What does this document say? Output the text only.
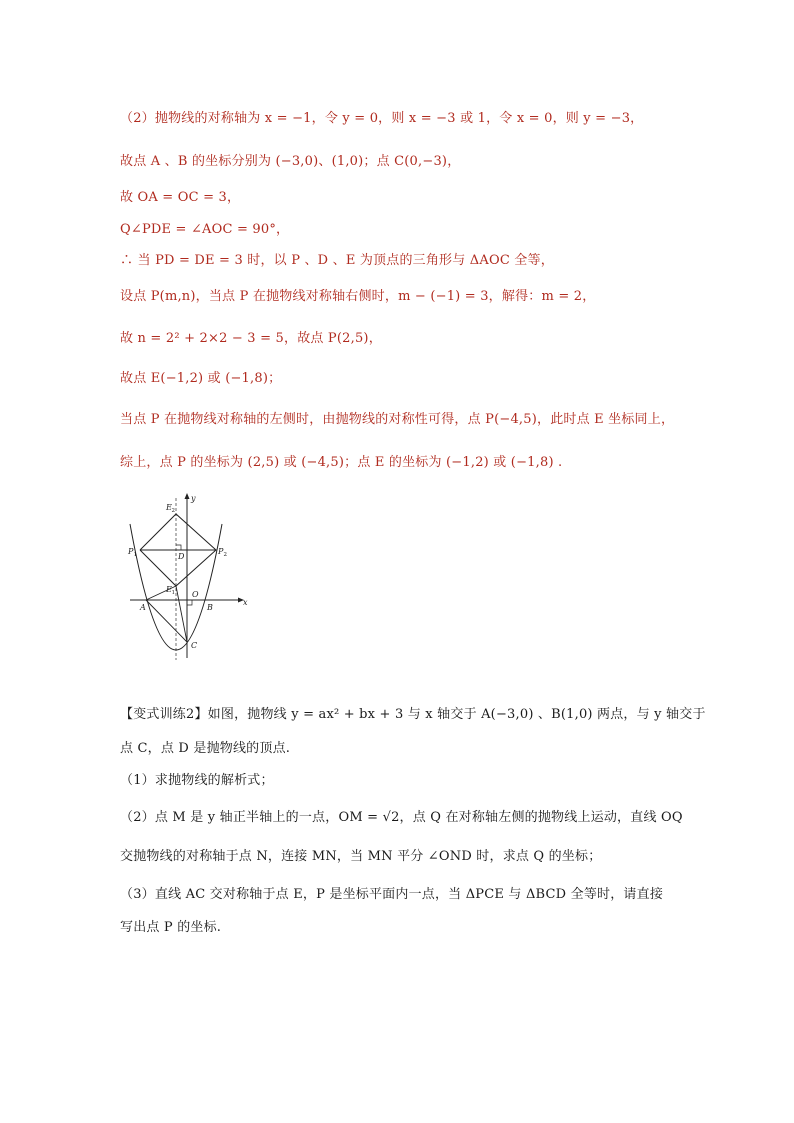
（2）抛物线的对称轴为 x = −1，令 y = 0，则 x = −3 或 1，令 x = 0，则 y = −3，
故点 A 、B 的坐标分别为 (−3,0)、(1,0)；点 C(0,−3)，
故 OA = OC = 3，
Q∠PDE = ∠AOC = 90°，
∴ 当 PD = DE = 3 时，以 P 、D 、E 为顶点的三角形与 ΔAOC 全等，
设点 P(m,n)，当点 P 在抛物线对称轴右侧时，m − (−1) = 3，解得：m = 2，
故 n = 2² + 2×2 − 3 = 5，故点 P(2,5)，
故点 E(−1,2) 或 (−1,8)；
当点 P 在抛物线对称轴的左侧时，由抛物线的对称性可得，点 P(−4,5)，此时点 E 坐标同上，
综上，点 P 的坐标为 (2,5) 或 (−4,5)；点 E 的坐标为 (−1,2) 或 (−1,8) .
y
x
O
A	B
C
D
E 2
E 1
P 1	P 2
【变式训练2】如图，抛物线 y = ax² + bx + 3 与 x 轴交于 A(−3,0) 、B(1,0) 两点，与 y 轴交于
点 C，点 D 是抛物线的顶点.
（1）求抛物线的解析式；
（2）点 M 是 y 轴正半轴上的一点，OM = √2，点 Q 在对称轴左侧的抛物线上运动，直线 OQ
交抛物线的对称轴于点 N，连接 MN，当 MN 平分 ∠OND 时，求点 Q 的坐标；
（3）直线 AC 交对称轴于点 E，P 是坐标平面内一点，当 ΔPCE 与 ΔBCD 全等时，请直接
写出点 P 的坐标.
